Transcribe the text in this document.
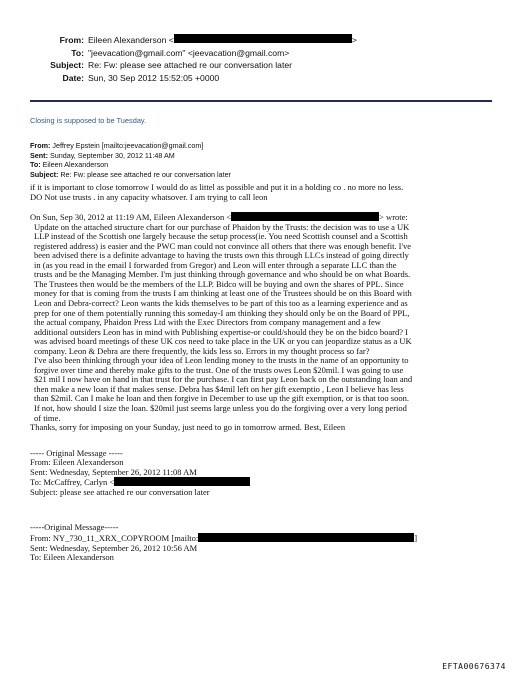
From: Eileen Alexanderson <	>
To: "jeevacation@gmail.com" <jeevacation@gmail.com>
Subject: Re: Fw: please see attached re our conversation later
Date: Sun, 30 Sep 2012 15:52:05 +0000
Closing is supposed to be Tuesday.
From: Jeffrey Epstein [mailto:jeevacation@gmail.com]
Sent: Sunday, September 30, 2012 11:48 AM
To: Eileen Alexanderson
Subject: Re: Fw: please see attached re our conversation later

if it is important to close tomorrow I would do as littel as possible and put it in a holding co . no more no less.

DO Not use trusts . in any capacity whatsover. I am trying to call leon

On Sun, Sep 30, 2012 at 11:19 AM, Eileen Alexanderson <	> wrote:

Update on the attached structure chart for our purchase of Phaidon by the Trusts: the decision was to use a UK

LLP instead of the Scottish one largely because the setup process(ie. You need Scottish counsel and a Scottish

registered address) is easier and the PWC man could not convince all others that there was enough benefit. I've

been advised there is a definite advantage to having the trusts own this through LLCs instead of going directly

in (as you read in the email I forwarded from Gregor) and Leon will enter through a separate LLC than the

trusts and be the Managing Member. I'm just thinking through governance and who should be on what Boards.

The Trustees then would be the members of the LLP. Bidco will be buying and own the shares of PPL. Since

money for that is coming from the trusts I am thinking at least one of the Trustees should be on this Board with

Leon and Debra-correct? Leon wants the kids themselves to be part of this too as a learning experience and as

prep for one of them potentially running this someday-I am thinking they should only be on the Board of PPL,

the actual company, Phaidon Press Ltd with the Exec Directors from company management and a few

additional outsiders Leon has in mind with Publishing expertise-or could/should they be on the bidco board? I

was advised board meetings of these UK cos need to take place in the UK or you can jeopardize status as a UK

company. Leon & Debra are there frequently, the kids less so. Errors in my thought process so far?

I've also been thinking through your idea of Leon lending money to the trusts in the name of an opportunity to

forgive over time and thereby make gifts to the trust. One of the trusts owes Leon $20mil. I was going to use

$21 mil I now have on hand in that trust for the purchase. I can first pay Leon back on the outstanding loan and

then make a new loan if that makes sense. Debra has $4mil left on her gift exemptio , Leon I believe has less

than $2mil. Can I make he loan and then forgive in December to use up the gift exemption, or is that too soon.

If not, how should I size the loan. $20mil just seems large unless you do the forgiving over a very long period

of time.

Thanks, sorry for imposing on your Sunday, just need to go in tomorrow armed. Best, Eileen

----- Original Message -----

From: Eileen Alexanderson

Sent: Wednesday, September 26, 2012 11:08 AM

To: McCaffrey, Carlyn <

Subject: please see attached re our conversation later

-----Original Message-----

From: NY_730_11_XRX_COPYROOM [mailto:	]

Sent: Wednesday, September 26, 2012 10:56 AM

To: Eileen Alexanderson

EFTA00676374
